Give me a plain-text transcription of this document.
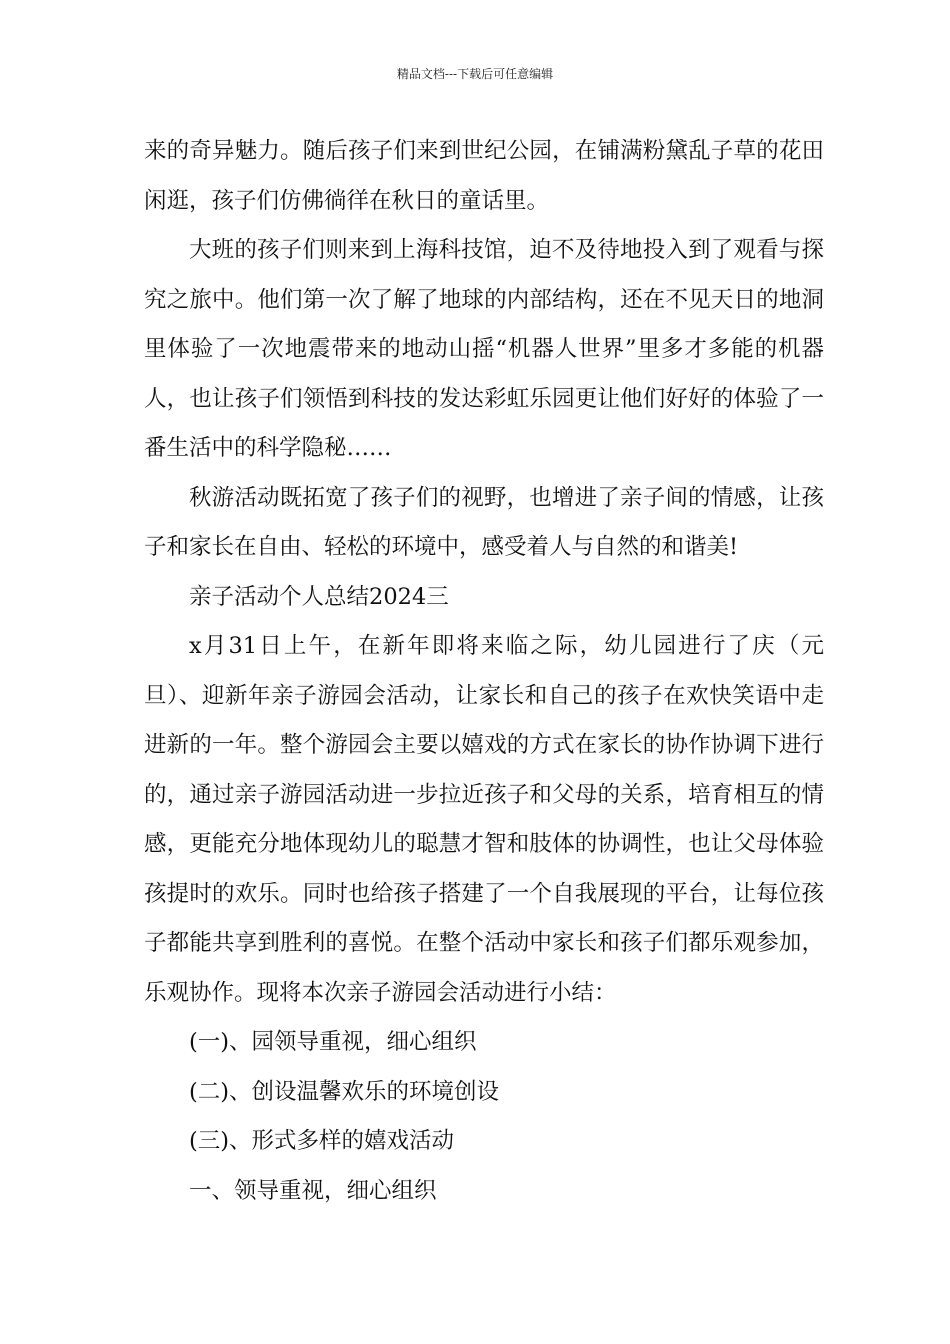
精品文档---下载后可任意编辑

来的奇异魅力。随后孩子们来到世纪公园，在铺满粉黛乱子草的花田闲逛，孩子们仿佛徜徉在秋日的童话里。

大班的孩子们则来到上海科技馆，迫不及待地投入到了观看与探究之旅中。他们第一次了解了地球的内部结构，还在不见天日的地洞里体验了一次地震带来的地动山摇“机器人世界”里多才多能的机器人，也让孩子们领悟到科技的发达彩虹乐园更让他们好好的体验了一番生活中的科学隐秘……

秋游活动既拓宽了孩子们的视野，也增进了亲子间的情感，让孩子和家长在自由、轻松的环境中，感受着人与自然的和谐美!

亲子活动个人总结2024三

x月31日上午，在新年即将来临之际，幼儿园进行了庆（元旦）、迎新年亲子游园会活动，让家长和自己的孩子在欢快笑语中走进新的一年。整个游园会主要以嬉戏的方式在家长的协作协调下进行的，通过亲子游园活动进一步拉近孩子和父母的关系，培育相互的情感，更能充分地体现幼儿的聪慧才智和肢体的协调性，也让父母体验孩提时的欢乐。同时也给孩子搭建了一个自我展现的平台，让每位孩子都能共享到胜利的喜悦。在整个活动中家长和孩子们都乐观参加，乐观协作。现将本次亲子游园会活动进行小结：

(一)、园领导重视，细心组织

(二)、创设温馨欢乐的环境创设

(三)、形式多样的嬉戏活动

一、领导重视，细心组织
